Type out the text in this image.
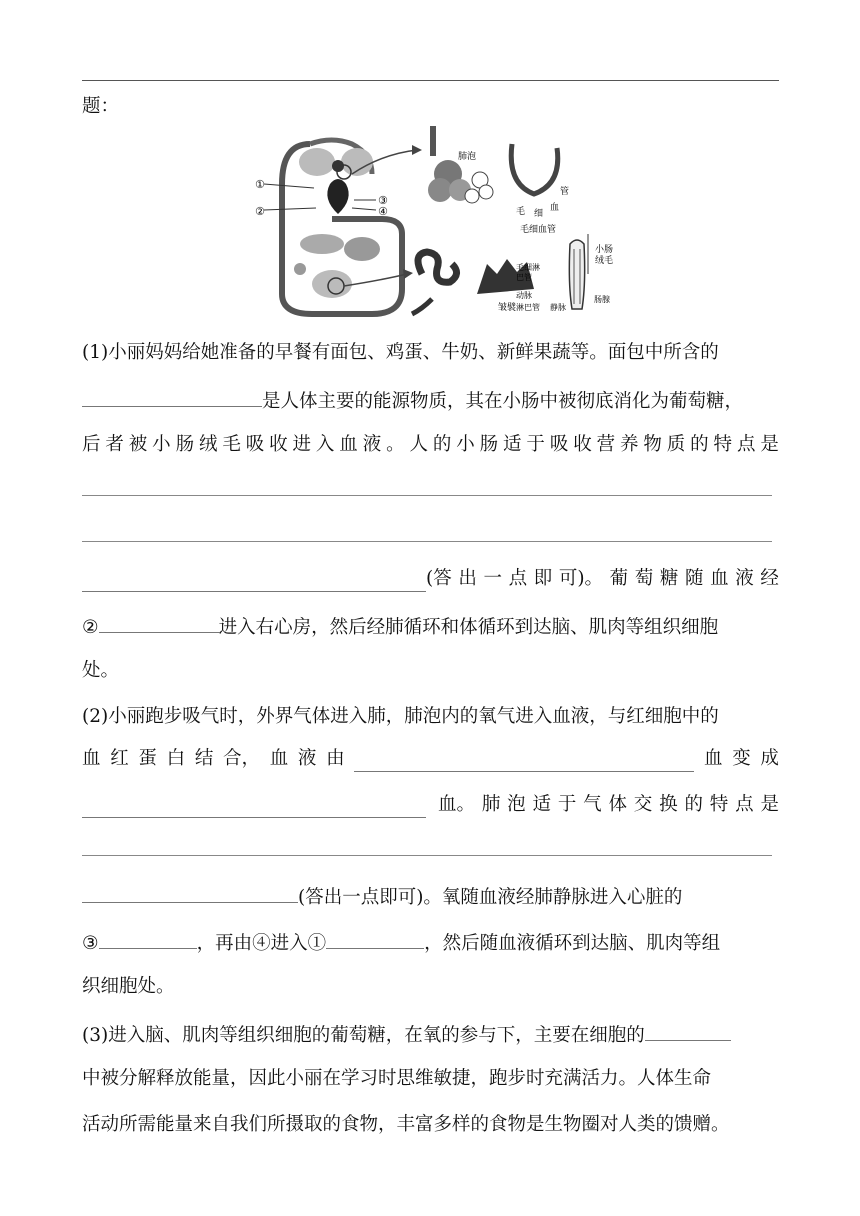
题：
①
②
③
④
肺泡
管
毛 细
血
皱襞
毛细血管
小肠
绒毛
毛细淋
巴管
动脉
淋巴管 静脉
肠腺
(1)小丽妈妈给她准备的早餐有面包、鸡蛋、牛奶、新鲜果蔬等。面包中所含的
是人体主要的能源物质，其在小肠中被彻底消化为葡萄糖，
后 者 被 小 肠 绒 毛 吸 收 进 入 血 液 。 人 的 小 肠 适 于 吸 收 营 养 物 质 的 特 点 是
(答 出 一 点 即 可)。 葡 萄 糖 随 血 液 经
②	进入右心房，然后经肺循环和体循环到达脑、肌肉等组织细胞
处。
(2)小丽跑步吸气时，外界气体进入肺，肺泡内的氧气进入血液，与红细胞中的
血 红 蛋 白 结 合， 血 液 由	血 变 成
血。 肺 泡 适 于 气 体 交 换 的 特 点 是
(答出一点即可)。氧随血液经肺静脉进入心脏的
③	，再由④进入①	，然后随血液循环到达脑、肌肉等组
织细胞处。
(3)进入脑、肌肉等组织细胞的葡萄糖，在氧的参与下，主要在细胞的
中被分解释放能量，因此小丽在学习时思维敏捷，跑步时充满活力。人体生命
活动所需能量来自我们所摄取的食物，丰富多样的食物是生物圈对人类的馈赠。
